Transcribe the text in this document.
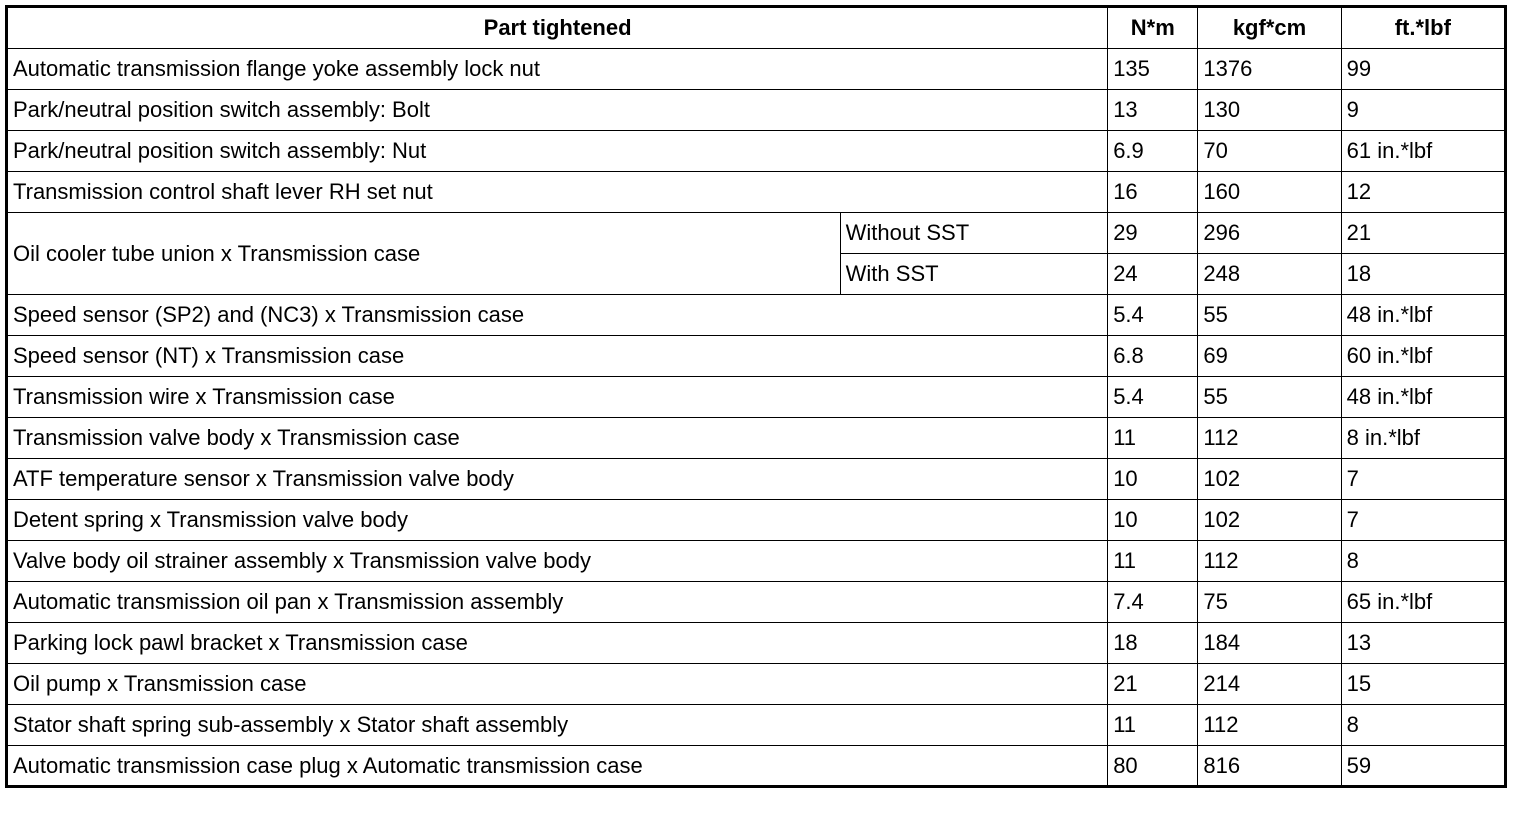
Part tightened		N*m	kgf*cm	ft.*lbf
Automatic transmission flange yoke assembly lock nut		135	1376	99
Park/neutral position switch assembly: Bolt		13	130	9
Park/neutral position switch assembly: Nut		6.9	70	61 in.*lbf
Transmission control shaft lever RH set nut		16	160	12
Oil cooler tube union x Transmission case	Without SST	29	296	21
	With SST	24	248	18
Speed sensor (SP2) and (NC3) x Transmission case		5.4	55	48 in.*lbf
Speed sensor (NT) x Transmission case		6.8	69	60 in.*lbf
Transmission wire x Transmission case		5.4	55	48 in.*lbf
Transmission valve body x Transmission case		11	112	8 in.*lbf
ATF temperature sensor x Transmission valve body		10	102	7
Detent spring x Transmission valve body		10	102	7
Valve body oil strainer assembly x Transmission valve body		11	112	8
Automatic transmission oil pan x Transmission assembly		7.4	75	65 in.*lbf
Parking lock pawl bracket x Transmission case		18	184	13
Oil pump x Transmission case		21	214	15
Stator shaft spring sub-assembly x Stator shaft assembly		11	112	8
Automatic transmission case plug x Automatic transmission case		80	816	59
